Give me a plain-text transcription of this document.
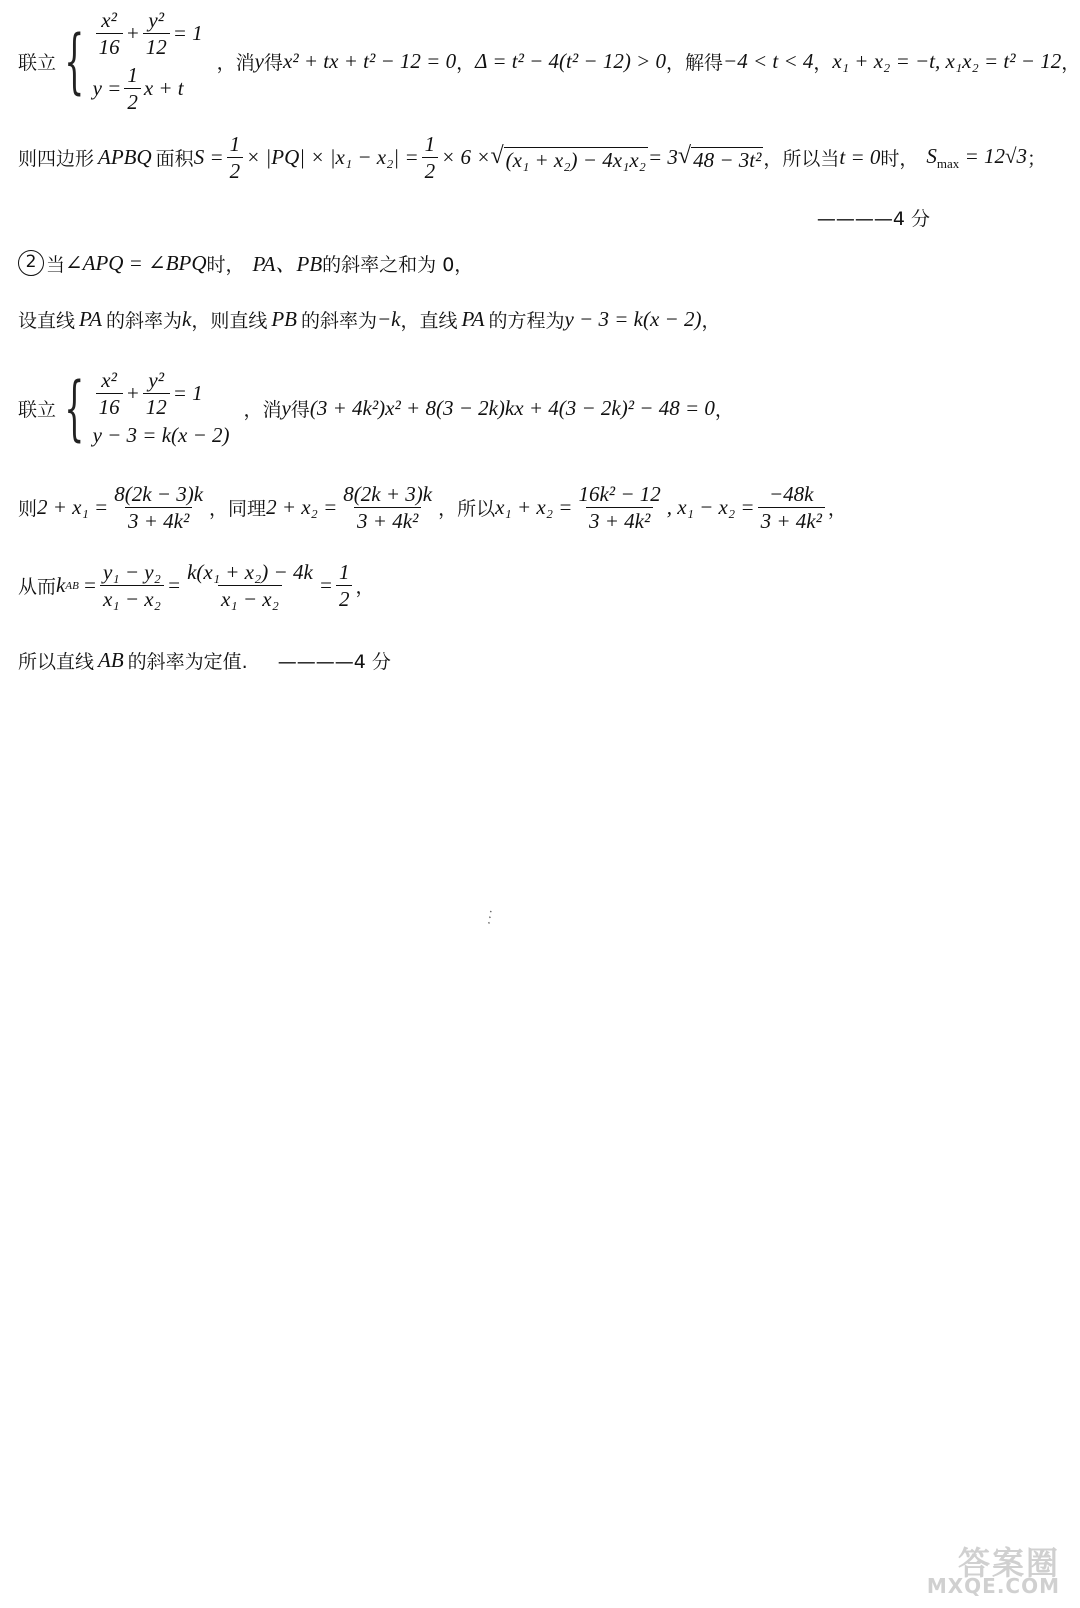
联立 { $\frac{\text{x²}}{16} + \frac{\text{y²}}{12} = 1$
$y = \frac{1}{2}$ x + t
，消 y 得 x² + tx + t² − 12 = 0 ， Δ = t² − 4(t² − 12) > 0 ，解得 −4 < t < 4 ， x₁ + x₂ = −t, x₁x₂ = t² − 12 ，
则四边形 APBQ 面积 $S = \frac{1}{2} \times |PQ| \times |x_1 - x_2| = \frac{1}{2} \times 6$ × √ (x₁ + x₂) − 4x₁x₂ = 3 √ 48 − 3t² ，所以当 t = 0 时， $S_{max} = 12√3$ ；
————4 分
2 当 ∠APQ = ∠BPQ 时， PA、PB 的斜率之和为 0，
设直线 PA 的斜率为 k ，则直线 PB 的斜率为 −k ，直线 PA 的方程为 y − 3 = k(x − 2) ，
联立 { $\frac{\text{x²}}{16} + \frac{\text{y²}}{12} = 1$
y − 3 = k(x − 2)
，消 y 得 (3 + 4k²)x² + 8(3 − 2k)kx + 4(3 − 2k)² − 48 = 0 ，
则 $2 + x_1 = \frac{8(2k - 3)k}{\text{3 + 4k²}}$ ，同理 $2 + x_2 = \frac{8(2k + 3)k}{\text{3 + 4k²}}$ ，所以 $x_1 + x_2 = \frac{\text{16k² − 12}}{\text{3 + 4k²}}$ , $x_1 - x_2 = \frac{-48k}{\text{3 + 4k²}}$ ，
从而 k AB = $\frac{\text{y₁ − y₂}}{\text{x₁ − x₂}} = \frac{\text{k(x₁ + x₂) − 4k}}{\text{x₁ − x₂}} = \frac{1}{2}$ ，
所以直线 AB 的斜率为定值. ————4 分
⋰
答案圈
MXQE.COM
